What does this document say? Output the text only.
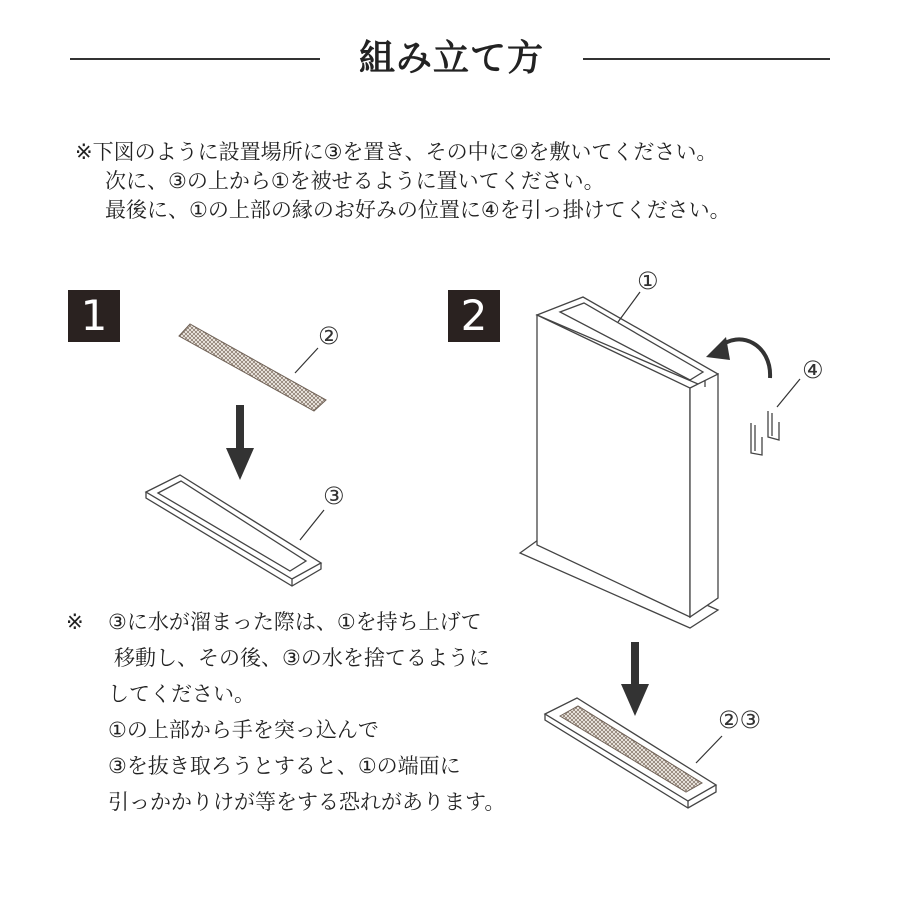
組み立て方
※下図のように設置場所に③を置き、その中に②を敷いてください。
次に、③の上から①を被せるように置いてください。
最後に、①の上部の縁のお好みの位置に④を引っ掛けてください。
1	2
②
③
①
④
②③
※ ③に水が溜まった際は、①を持ち上げて
移動し、その後、③の水を捨てるように
してください。
①の上部から手を突っ込んで
③を抜き取ろうとすると、①の端面に
引っかかりけが等をする恐れがあります。
